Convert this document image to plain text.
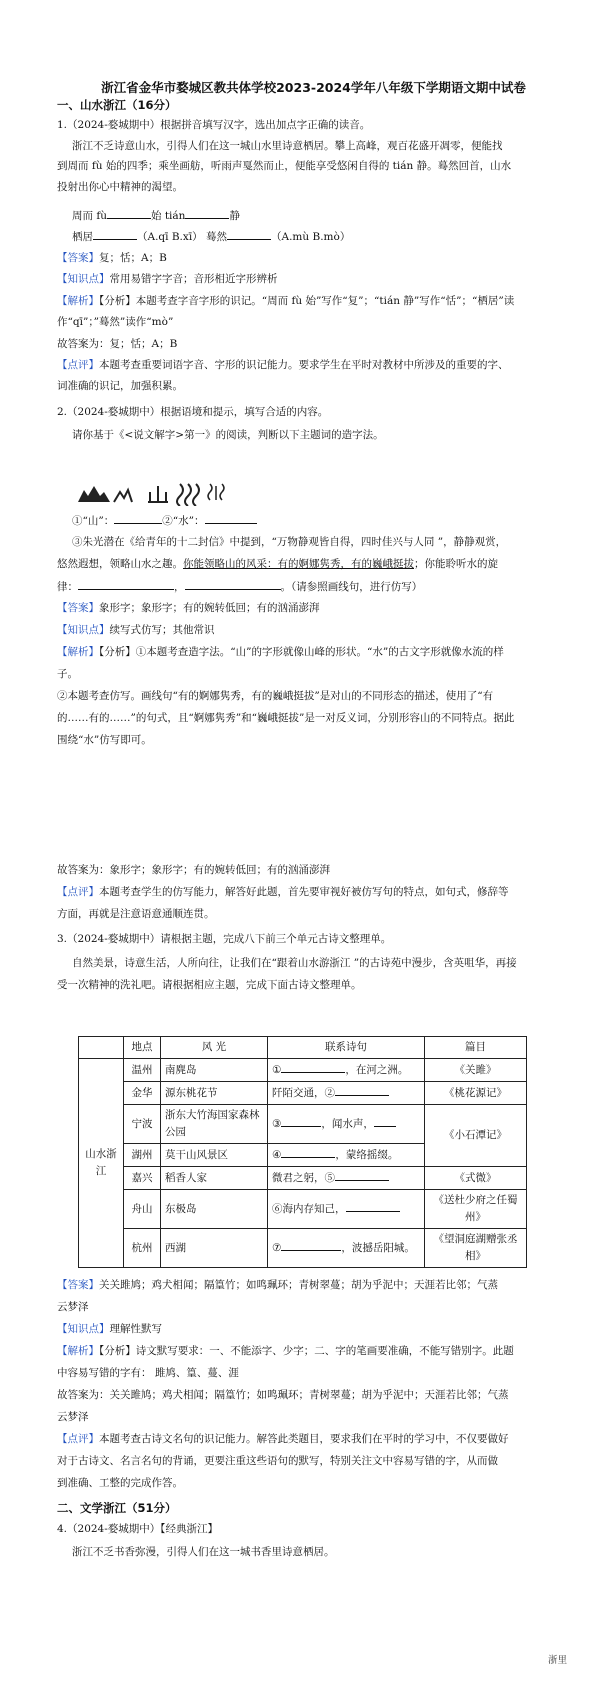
浙江省金华市婺城区教共体学校2023-2024学年八年级下学期语文期中试卷
一、山水浙江（16分）
1.（2024-婺城期中）根据拼音填写汉字，选出加点字正确的读音。
浙江不乏诗意山水，引得人们在这一城山水里诗意栖居。攀上高峰，观百花盛开凋零，便能找
到周而 fù 始的四季；乘坐画舫，听雨声戛然而止，便能享受悠闲自得的 tián 静。蓦然回首，山水
投射出你心中精神的渴望。
周而 fù	始 tián	静
栖居	（A.qī B.xī） 蓦然	（A.mù B.mò）
【答案】复；恬；A；B
【知识点】常用易错字字音；音形相近字形辨析
【解析】【分析】本题考查字音字形的识记。“周而 fù 始”写作“复”；“tián 静”写作“恬”；“栖居”读
作“qī”；”蓦然”读作“mò”
故答案为：复；恬；A；B
【点评】本题考查重要词语字音、字形的识记能力。要求学生在平时对教材中所涉及的重要的字、
词准确的识记，加强积累。
2.（2024-婺城期中）根据语境和提示，填写合适的内容。
请你基于《<说文解字>第一》的阅读，判断以下主题词的造字法。
①“山”：	②“水”：
③朱光潜在《给青年的十二封信》中提到，“万物静观皆自得，四时佳兴与人同 ”，静静观赏，
悠然遐想，领略山水之趣。你能领略山的风采：有的婀娜隽秀，有的巍峨挺拔；你能聆听水的旋
律：	，	。（请参照画线句，进行仿写）
【答案】象形字；象形字；有的婉转低回；有的汹涌澎湃
【知识点】续写式仿写；其他常识
【解析】【分析】①本题考查造字法。“山”的字形就像山峰的形状。“水”的古文字形就像水流的样
子。
②本题考查仿写。画线句“有的婀娜隽秀，有的巍峨挺拔”是对山的不同形态的描述，使用了“有
的……有的……”的句式，且“婀娜隽秀”和“巍峨挺拔”是一对反义词，分别形容山的不同特点。据此
围绕“水”仿写即可。
故答案为：象形字；象形字；有的婉转低回；有的汹涌澎湃
【点评】本题考查学生的仿写能力，解答好此题，首先要审视好被仿写句的特点，如句式，修辞等
方面，再就是注意语意通顺连贯。
3.（2024-婺城期中）请根据主题，完成八下前三个单元古诗文整理单。
自然美景，诗意生活，人所向往，让我们在“跟着山水游浙江 ”的古诗苑中漫步，含英咀华，再接
受一次精神的洗礼吧。请根据相应主题，完成下面古诗文整理单。
	地点	风 光	联系诗句	篇目
山水浙江	温州	南麂岛	① ，在河之洲。	《关雎》
	金华	源东桃花节	阡陌交通，②	《桃花源记》
	宁波	浙东大竹海国家森林公园	③ ，闻水声，	《小石潭记》
	湖州	莫干山风景区	④ ，蒙络摇缀。	
	嘉兴	稻香人家	微君之躬，⑤	《式微》
	舟山	东极岛	⑥海内存知己，	《送杜少府之任蜀州》
	杭州	西湖	⑦ ，波撼岳阳城。	《望洞庭湖赠张丞相》
【答案】关关雎鸠；鸡犬相闻；隔篁竹；如鸣珮环；青树翠蔓；胡为乎泥中；天涯若比邻；气蒸
云梦泽
【知识点】理解性默写
【解析】【分析】诗文默写要求：一、不能添字、少字；二、字的笔画要准确，不能写错别字。此题
中容易写错的字有： 雎鸠、篁、蔓、涯
故答案为：关关雎鸠；鸡犬相闻；隔篁竹；如鸣珮环；青树翠蔓；胡为乎泥中；天涯若比邻；气蒸
云梦泽
【点评】本题考查古诗文名句的识记能力。解答此类题目，要求我们在平时的学习中，不仅要做好
对于古诗文、名言名句的背诵，更要注重这些语句的默写，特别关注文中容易写错的字，从而做
到准确、工整的完成作答。
二、文学浙江（51分）
4.（2024-婺城期中）【经典浙江】
浙江不乏书香弥漫，引得人们在这一城书香里诗意栖居。
浙里
